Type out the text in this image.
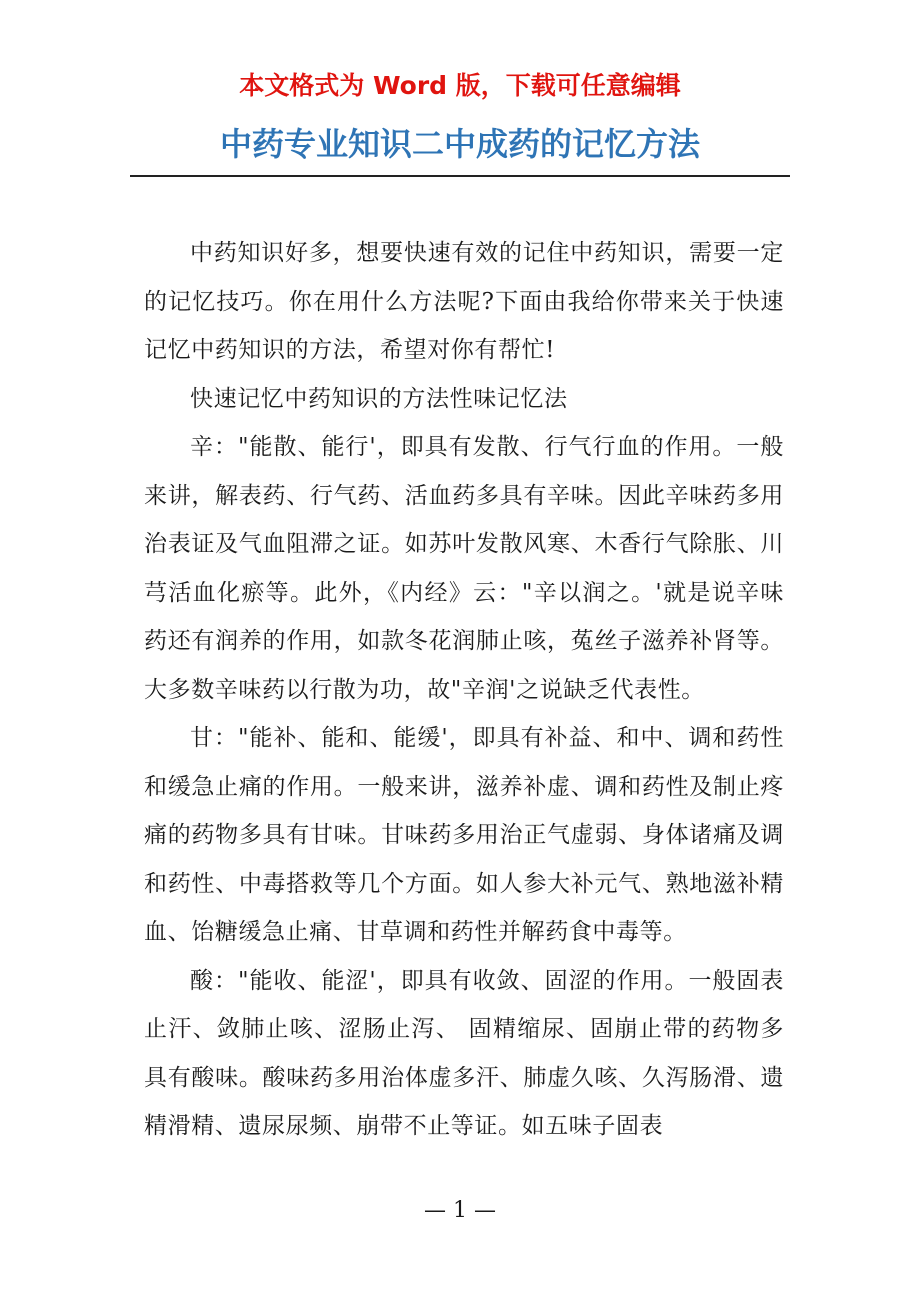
本文格式为 Word 版，下载可任意编辑
中药专业知识二中成药的记忆方法

中药知识好多，想要快速有效的记住中药知识，需要一定的记忆技巧。你在用什么方法呢?下面由我给你带来关于快速记忆中药知识的方法，希望对你有帮忙!

快速记忆中药知识的方法性味记忆法

辛："能散、能行'，即具有发散、行气行血的作用。一般来讲，解表药、行气药、活血药多具有辛味。因此辛味药多用治表证及气血阻滞之证。如苏叶发散风寒、木香行气除胀、川芎活血化瘀等。此外，《内经》云："辛以润之。'就是说辛味药还有润养的作用，如款冬花润肺止咳，菟丝子滋养补肾等。大多数辛味药以行散为功，故"辛润'之说缺乏代表性。

甘："能补、能和、能缓'，即具有补益、和中、调和药性和缓急止痛的作用。一般来讲，滋养补虚、调和药性及制止疼痛的药物多具有甘味。甘味药多用治正气虚弱、身体诸痛及调和药性、中毒搭救等几个方面。如人参大补元气、熟地滋补精血、饴糖缓急止痛、甘草调和药性并解药食中毒等。

酸："能收、能涩'，即具有收敛、固涩的作用。一般固表止汗、敛肺止咳、涩肠止泻、 固精缩尿、固崩止带的药物多具有酸味。酸味药多用治体虚多汗、肺虚久咳、久泻肠滑、遗 精滑精、遗尿尿频、崩带不止等证。如五味子固表

— 1 —
